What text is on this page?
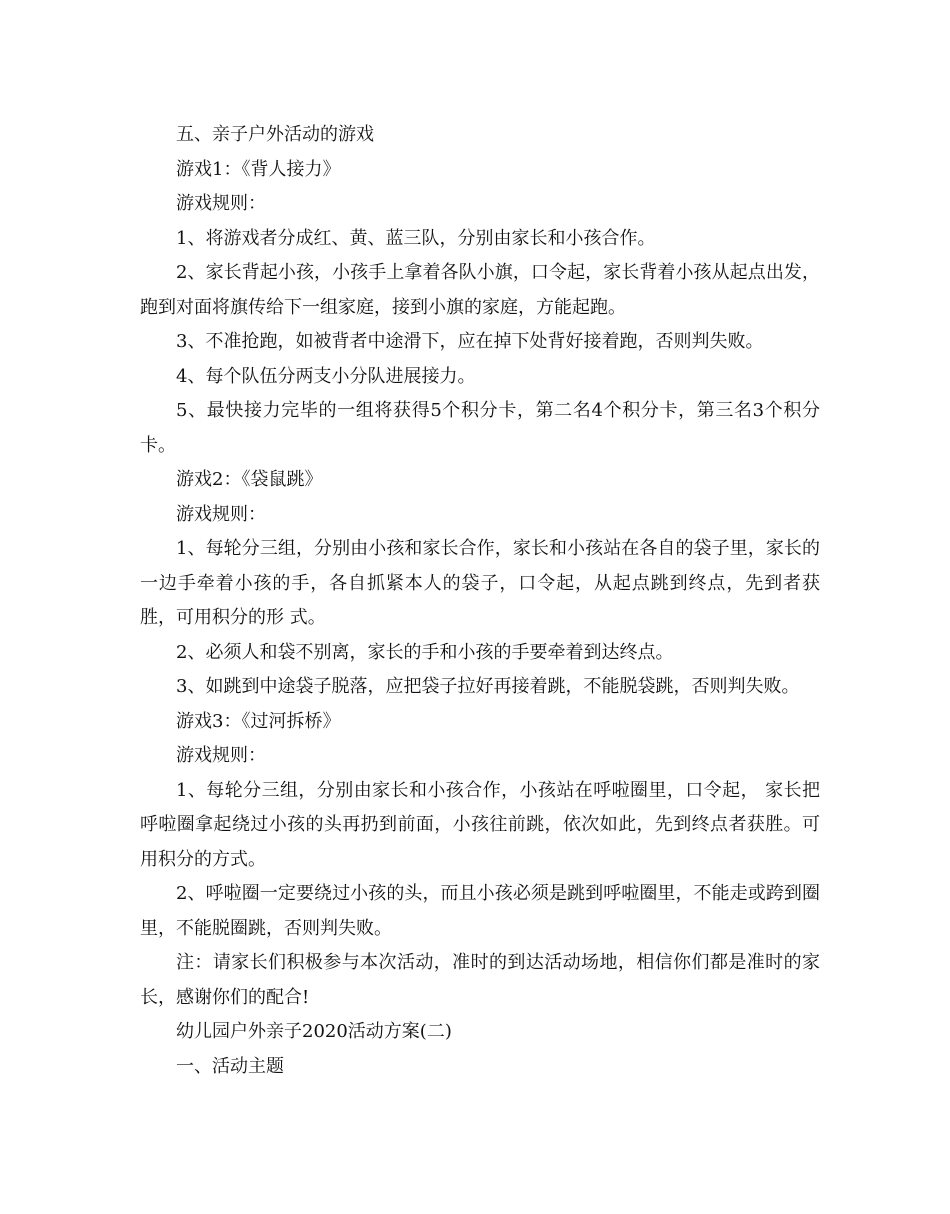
五、亲子户外活动的游戏

游戏1：《背人接力》

游戏规则：

1、将游戏者分成红、黄、蓝三队，分别由家长和小孩合作。

2、家长背起小孩，小孩手上拿着各队小旗，口令起，家长背着小孩从起点出发，跑到对面将旗传给下一组家庭，接到小旗的家庭，方能起跑。

3、不准抢跑，如被背者中途滑下，应在掉下处背好接着跑，否则判失败。

4、每个队伍分两支小分队进展接力。

5、最快接力完毕的一组将获得5个积分卡，第二名4个积分卡，第三名3个积分卡。

游戏2：《袋鼠跳》

游戏规则：

1、每轮分三组，分别由小孩和家长合作，家长和小孩站在各自的袋子里，家长的一边手牵着小孩的手，各自抓紧本人的袋子，口令起，从起点跳到终点，先到者获胜，可用积分的形 式。

2、必须人和袋不别离，家长的手和小孩的手要牵着到达终点。

3、如跳到中途袋子脱落，应把袋子拉好再接着跳，不能脱袋跳，否则判失败。

游戏3：《过河拆桥》

游戏规则：

1、每轮分三组，分别由家长和小孩合作，小孩站在呼啦圈里，口令起， 家长把呼啦圈拿起绕过小孩的头再扔到前面，小孩往前跳，依次如此，先到终点者获胜。可用积分的方式。

2、呼啦圈一定要绕过小孩的头，而且小孩必须是跳到呼啦圈里，不能走或跨到圈里，不能脱圈跳，否则判失败。

注：请家长们积极参与本次活动，准时的到达活动场地，相信你们都是准时的家长，感谢你们的配合!

幼儿园户外亲子2020活动方案(二)

一、活动主题
